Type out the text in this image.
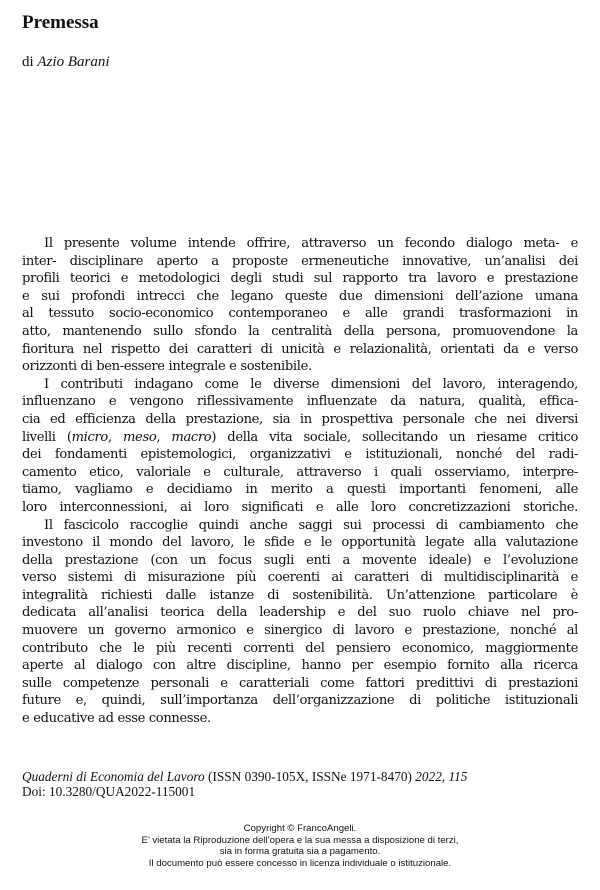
Premessa
di Azio Barani
Il presente volume intende offrire, attraverso un fecondo dialogo meta- e
inter- disciplinare aperto a proposte ermeneutiche innovative, un’analisi dei
profili teorici e metodologici degli studi sul rapporto tra lavoro e prestazione
e sui profondi intrecci che legano queste due dimensioni dell’azione umana
al tessuto socio-economico contemporaneo e alle grandi trasformazioni in
atto, mantenendo sullo sfondo la centralità della persona, promuovendone la
fioritura nel rispetto dei caratteri di unicità e relazionalità, orientati da e verso
orizzonti di ben-essere integrale e sostenibile.
I contributi indagano come le diverse dimensioni del lavoro, interagendo,
influenzano e vengono riflessivamente influenzate da natura, qualità, effica-
cia ed efficienza della prestazione, sia in prospettiva personale che nei diversi
livelli (micro, meso, macro) della vita sociale, sollecitando un riesame critico
dei fondamenti epistemologici, organizzativi e istituzionali, nonché del radi-
camento etico, valoriale e culturale, attraverso i quali osserviamo, interpre-
tiamo, vagliamo e decidiamo in merito a questi importanti fenomeni, alle
loro interconnessioni, ai loro significati e alle loro concretizzazioni storiche.
Il fascicolo raccoglie quindi anche saggi sui processi di cambiamento che
investono il mondo del lavoro, le sfide e le opportunità legate alla valutazione
della prestazione (con un focus sugli enti a movente ideale) e l’evoluzione
verso sistemi di misurazione più coerenti ai caratteri di multidisciplinarità e
integralità richiesti dalle istanze di sostenibilità. Un’attenzione particolare è
dedicata all’analisi teorica della leadership e del suo ruolo chiave nel pro-
muovere un governo armonico e sinergico di lavoro e prestazione, nonché al
contributo che le più recenti correnti del pensiero economico, maggiormente
aperte al dialogo con altre discipline, hanno per esempio fornito alla ricerca
sulle competenze personali e caratteriali come fattori predittivi di prestazioni
future e, quindi, sull’importanza dell’organizzazione di politiche istituzionali
e educative ad esse connesse.
Quaderni di Economia del Lavoro (ISSN 0390-105X, ISSNe 1971-8470) 2022, 115
Doi: 10.3280/QUA2022-115001
Copyright © FrancoAngeli.
E’ vietata la Riproduzione dell’opera e la sua messa a disposizione di terzi,
sia in forma gratuita sia a pagamento.
Il documento può essere concesso in licenza individuale o istituzionale.
